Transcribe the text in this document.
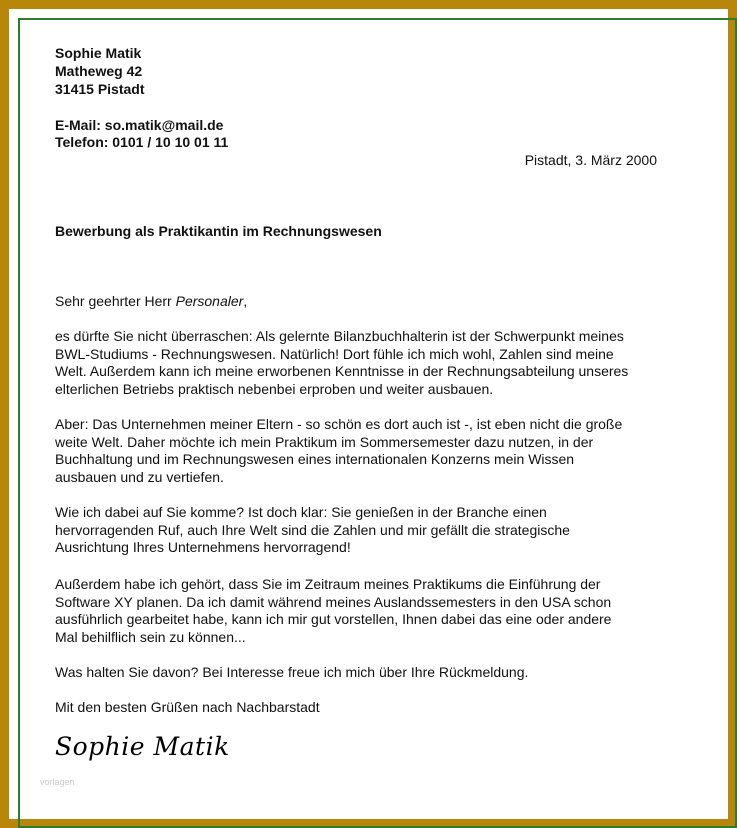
Sophie Matik
Matheweg 42
31415 Pistadt
E-Mail: so.matik@mail.de
Telefon: 0101 / 10 10 01 11
Pistadt, 3. März 2000
Bewerbung als Praktikantin im Rechnungswesen
Sehr geehrter Herr Personaler,
es dürfte Sie nicht überraschen: Als gelernte Bilanzbuchhalterin ist der Schwerpunkt meines
BWL-Studiums - Rechnungswesen. Natürlich! Dort fühle ich mich wohl, Zahlen sind meine
Welt. Außerdem kann ich meine erworbenen Kenntnisse in der Rechnungsabteilung unseres
elterlichen Betriebs praktisch nebenbei erproben und weiter ausbauen.
Aber: Das Unternehmen meiner Eltern - so schön es dort auch ist -, ist eben nicht die große
weite Welt. Daher möchte ich mein Praktikum im Sommersemester dazu nutzen, in der
Buchhaltung und im Rechnungswesen eines internationalen Konzerns mein Wissen
ausbauen und zu vertiefen.
Wie ich dabei auf Sie komme? Ist doch klar: Sie genießen in der Branche einen
hervorragenden Ruf, auch Ihre Welt sind die Zahlen und mir gefällt die strategische
Ausrichtung Ihres Unternehmens hervorragend!
Außerdem habe ich gehört, dass Sie im Zeitraum meines Praktikums die Einführung der
Software XY planen. Da ich damit während meines Auslandssemesters in den USA schon
ausführlich gearbeitet habe, kann ich mir gut vorstellen, Ihnen dabei das eine oder andere
Mal behilflich sein zu können...
Was halten Sie davon? Bei Interesse freue ich mich über Ihre Rückmeldung.
Mit den besten Grüßen nach Nachbarstadt
Sophie Matik
vorlagen
